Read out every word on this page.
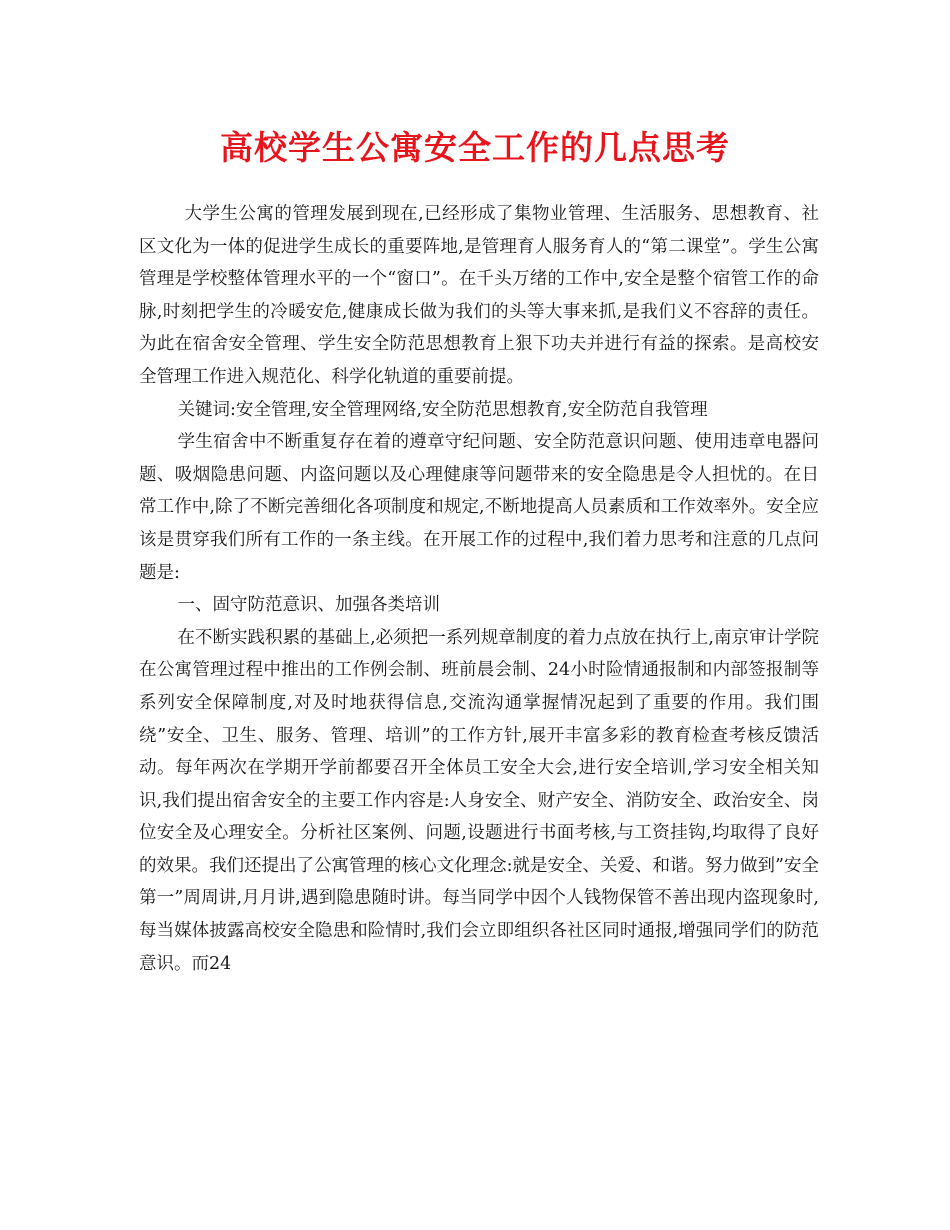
高校学生公寓安全工作的几点思考

大学生公寓的管理发展到现在,已经形成了集物业管理、生活服务、思想教育、社区文化为一体的促进学生成长的重要阵地,是管理育人服务育人的“第二课堂”。学生公寓管理是学校整体管理水平的一个“窗口”。在千头万绪的工作中,安全是整个宿管工作的命脉,时刻把学生的冷暖安危,健康成长做为我们的头等大事来抓,是我们义不容辞的责任。为此在宿舍安全管理、学生安全防范思想教育上狠下功夫并进行有益的探索。是高校安全管理工作进入规范化、科学化轨道的重要前提。

关键词:安全管理,安全管理网络,安全防范思想教育,安全防范自我管理

学生宿舍中不断重复存在着的遵章守纪问题、安全防范意识问题、使用违章电器问题、吸烟隐患问题、内盗问题以及心理健康等问题带来的安全隐患是令人担忧的。在日常工作中,除了不断完善细化各项制度和规定,不断地提高人员素质和工作效率外。安全应该是贯穿我们所有工作的一条主线。在开展工作的过程中,我们着力思考和注意的几点问题是:

一、固守防范意识、加强各类培训

在不断实践积累的基础上,必须把一系列规章制度的着力点放在执行上,南京审计学院在公寓管理过程中推出的工作例会制、班前晨会制、24小时险情通报制和内部签报制等系列安全保障制度,对及时地获得信息,交流沟通掌握情况起到了重要的作用。我们围绕”安全、卫生、服务、管理、培训”的工作方针,展开丰富多彩的教育检查考核反馈活动。每年两次在学期开学前都要召开全体员工安全大会,进行安全培训,学习安全相关知识,我们提出宿舍安全的主要工作内容是:人身安全、财产安全、消防安全、政治安全、岗位安全及心理安全。分析社区案例、问题,设题进行书面考核,与工资挂钩,均取得了良好的效果。我们还提出了公寓管理的核心文化理念:就是安全、关爱、和谐。努力做到”安全第一”周周讲,月月讲,遇到隐患随时讲。每当同学中因个人钱物保管不善出现内盗现象时,每当媒体披露高校安全隐患和险情时,我们会立即组织各社区同时通报,增强同学们的防范意识。而24
